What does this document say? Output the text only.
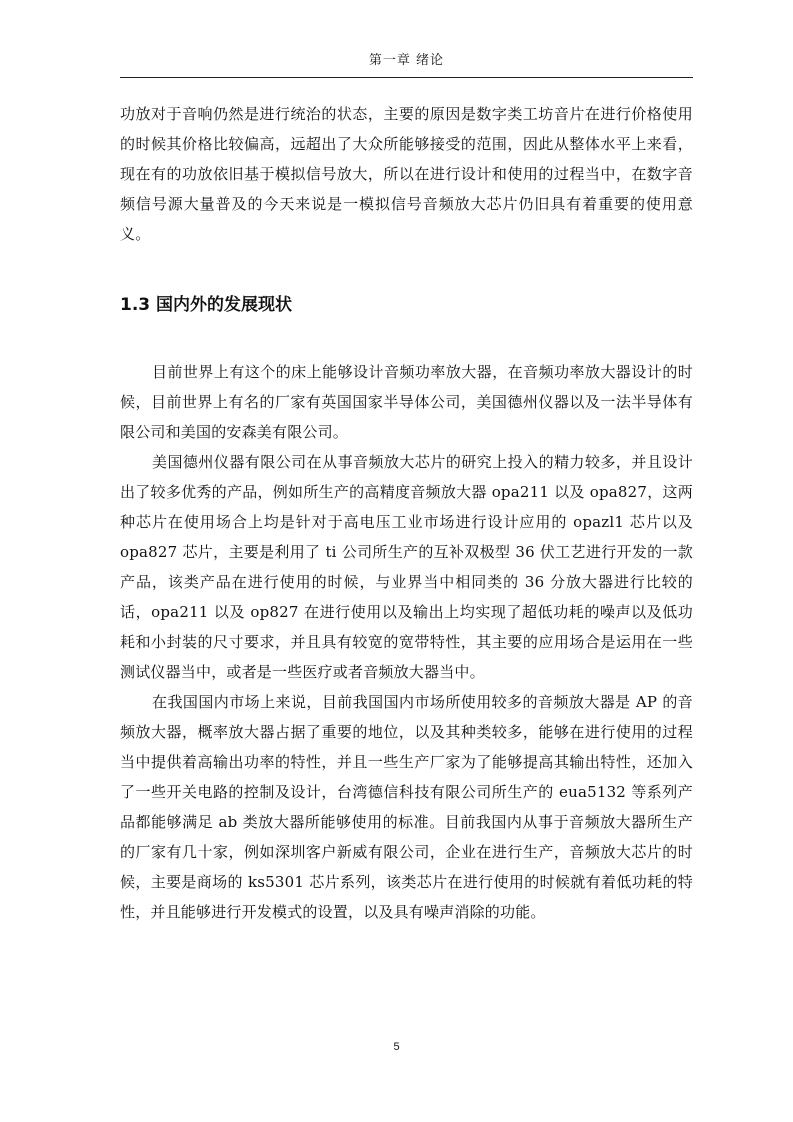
第一章 绪论

功放对于音响仍然是进行统治的状态，主要的原因是数字类工坊音片在进行价格使用的时候其价格比较偏高，远超出了大众所能够接受的范围，因此从整体水平上来看，现在有的功放依旧基于模拟信号放大，所以在进行设计和使用的过程当中，在数字音频信号源大量普及的今天来说是一模拟信号音频放大芯片仍旧具有着重要的使用意义。

1.3 国内外的发展现状

目前世界上有这个的床上能够设计音频功率放大器，在音频功率放大器设计的时候，目前世界上有名的厂家有英国国家半导体公司，美国德州仪器以及一法半导体有限公司和美国的安森美有限公司。

美国德州仪器有限公司在从事音频放大芯片的研究上投入的精力较多，并且设计出了较多优秀的产品，例如所生产的高精度音频放大器 opa211 以及 opa827，这两种芯片在使用场合上均是针对于高电压工业市场进行设计应用的 opazl1 芯片以及 opa827 芯片，主要是利用了 ti 公司所生产的互补双极型 36 伏工艺进行开发的一款产品，该类产品在进行使用的时候，与业界当中相同类的 36 分放大器进行比较的话，opa211 以及 op827 在进行使用以及输出上均实现了超低功耗的噪声以及低功耗和小封装的尺寸要求，并且具有较宽的宽带特性，其主要的应用场合是运用在一些测试仪器当中，或者是一些医疗或者音频放大器当中。

在我国国内市场上来说，目前我国国内市场所使用较多的音频放大器是 AP 的音频放大器，概率放大器占据了重要的地位，以及其种类较多，能够在进行使用的过程当中提供着高输出功率的特性，并且一些生产厂家为了能够提高其输出特性，还加入了一些开关电路的控制及设计，台湾德信科技有限公司所生产的 eua5132 等系列产品都能够满足 ab 类放大器所能够使用的标准。目前我国内从事于音频放大器所生产的厂家有几十家，例如深圳客户新威有限公司，企业在进行生产，音频放大芯片的时候，主要是商场的 ks5301 芯片系列，该类芯片在进行使用的时候就有着低功耗的特性，并且能够进行开发模式的设置，以及具有噪声消除的功能。

5
